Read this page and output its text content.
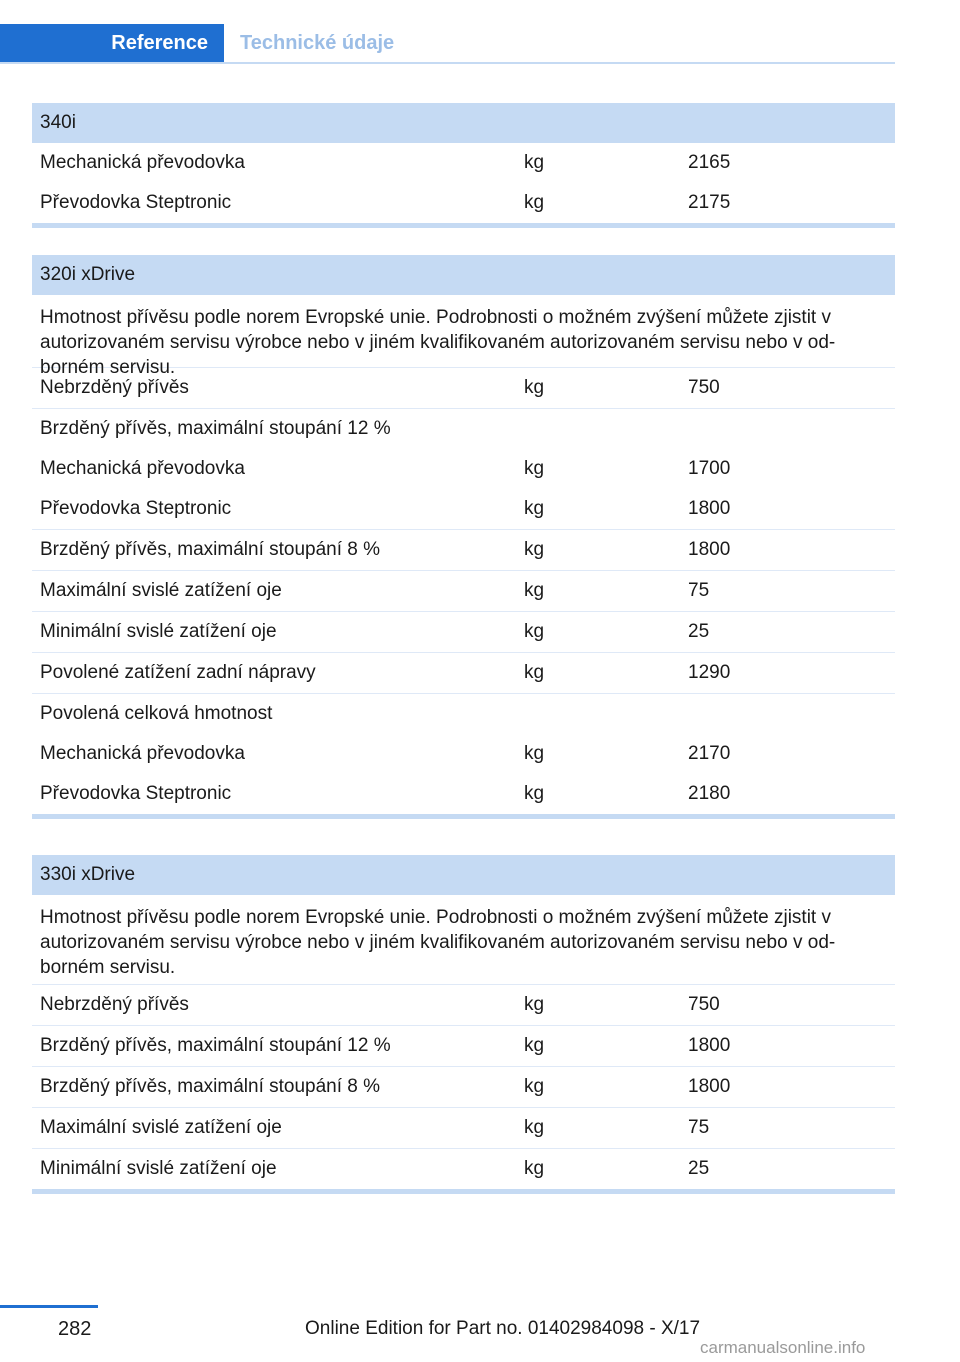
Reference	Technické údaje
340i
Mechanická převodovka	kg	2165
Převodovka Steptronic	kg	2175
320i xDrive
Hmotnost přívěsu podle norem Evropské unie. Podrobnosti o možném zvýšení můžete zjistit v autorizovaném servisu výrobce nebo v jiném kvalifikovaném autorizovaném servisu nebo v odborném servisu.
Nebrzděný přívěs	kg	750
Brzděný přívěs, maximální stoupání 12 %
Mechanická převodovka	kg	1700
Převodovka Steptronic	kg	1800
Brzděný přívěs, maximální stoupání 8 %	kg	1800
Maximální svislé zatížení oje	kg	75
Minimální svislé zatížení oje	kg	25
Povolené zatížení zadní nápravy	kg	1290
Povolená celková hmotnost
Mechanická převodovka	kg	2170
Převodovka Steptronic	kg	2180
330i xDrive
Hmotnost přívěsu podle norem Evropské unie. Podrobnosti o možném zvýšení můžete zjistit v autorizovaném servisu výrobce nebo v jiném kvalifikovaném autorizovaném servisu nebo v odborném servisu.
Nebrzděný přívěs	kg	750
Brzděný přívěs, maximální stoupání 12 %	kg	1800
Brzděný přívěs, maximální stoupání 8 %	kg	1800
Maximální svislé zatížení oje	kg	75
Minimální svislé zatížení oje	kg	25
282	Online Edition for Part no. 01402984098 - X/17
carmanualsonline.info
